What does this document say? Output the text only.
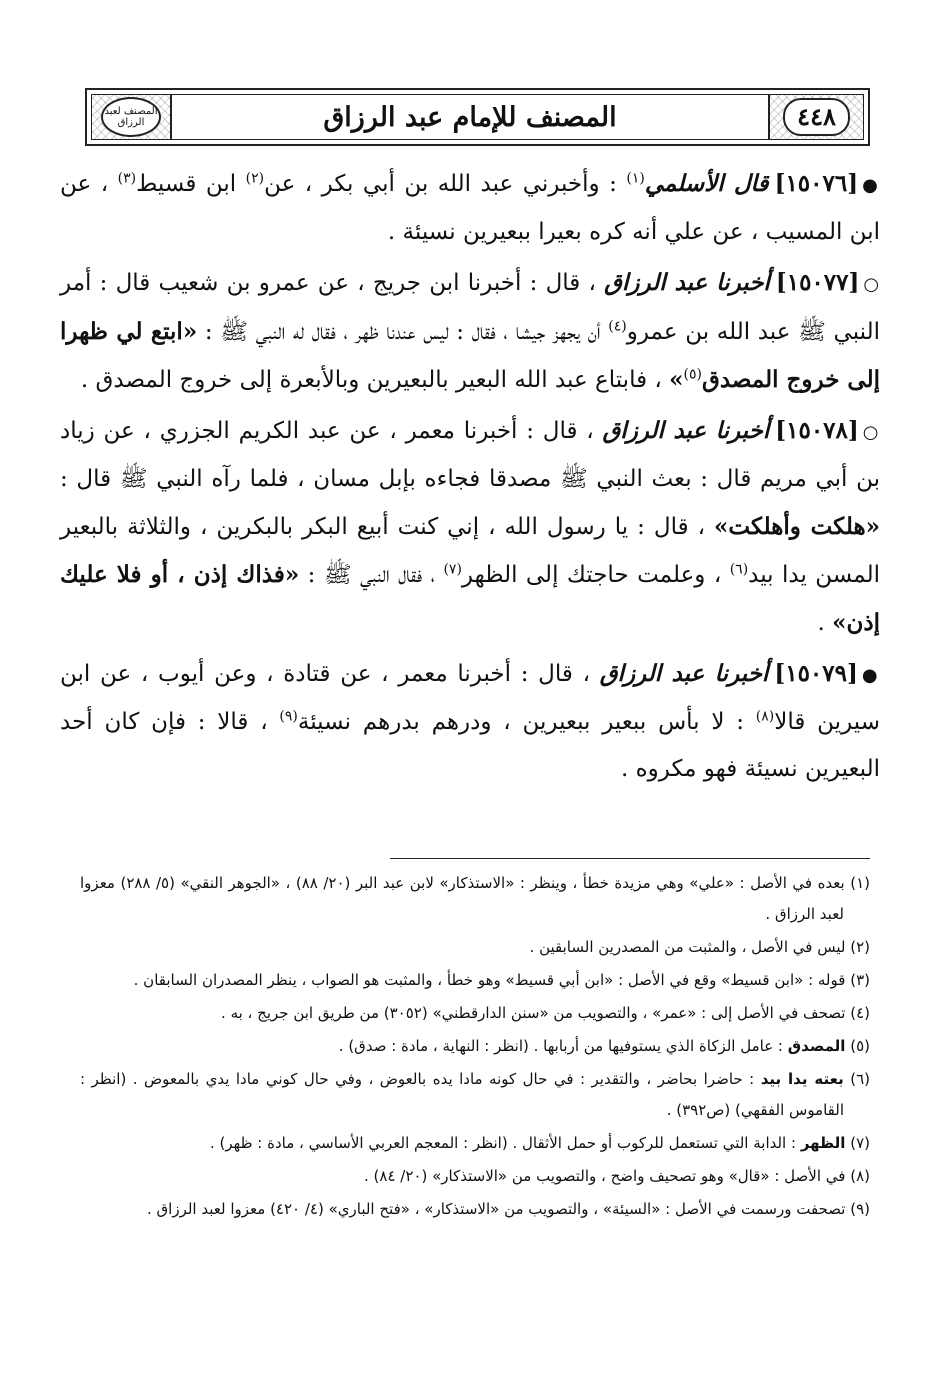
٤٤٨
المصنف للإمام عبد الرزاق
المصنف لعبد الرزاق

●[١٥٠٧٦]قال الأسلمي$^{(١)}$ : وأخبرني عبد الله بن أبي بكر ، عن$^{(٢)}$ ابن قسيط$^{(٣)}$ ، عن ابن المسيب ، عن علي أنه كره بعيرا ببعيرين نسيئة .

○[١٥٠٧٧]أخبرنا عبد الرزاق ، قال : أخبرنا ابن جريج ، عن عمرو بن شعيب قال : أمر النبي ﷺ عبد الله بن عمرو$^{(٤)}$ أن يجهز جيشا ، فقال : ليس عندنا ظهر ، فقال له النبي ﷺ : «ابتع لي ظهرا إلى خروج المصدق$^{(٥)}$» ، فابتاع عبد الله البعير بالبعيرين وبالأبعرة إلى خروج المصدق .

○[١٥٠٧٨]أخبرنا عبد الرزاق ، قال : أخبرنا معمر ، عن عبد الكريم الجزري ، عن زياد بن أبي مريم قال : بعث النبي ﷺ مصدقا فجاءه بإبل مسان ، فلما رآه النبي ﷺ قال : «هلكت وأهلكت» ، قال : يا رسول الله ، إني كنت أبيع البكر بالبكرين ، والثلاثة بالبعير المسن يدا بيد$^{(٦)}$ ، وعلمت حاجتك إلى الظهر$^{(٧)}$ ، فقال النبي ﷺ : «فذاك إذن ، أو فلا عليك إذن» .

●[١٥٠٧٩]أخبرنا عبد الرزاق ، قال : أخبرنا معمر ، عن قتادة ، وعن أيوب ، عن ابن سيرين قالا$^{(٨)}$ : لا بأس ببعير ببعيرين ، ودرهم بدرهم نسيئة$^{(٩)}$ ، قالا : فإن كان أحد البعيرين نسيئة فهو مكروه .

(١) بعده في الأصل : «علي» وهي مزيدة خطأ ، وينظر : «الاستذكار» لابن عبد البر (٢٠/ ٨٨) ، «الجوهر النقي» (٥/ ٢٨٨) معزوا لعبد الرزاق .

(٢) ليس في الأصل ، والمثبت من المصدرين السابقين .

(٣) قوله : «ابن قسيط» وقع في الأصل : «ابن أبي قسيط» وهو خطأ ، والمثبت هو الصواب ، ينظر المصدران السابقان .

(٤) تصحف في الأصل إلى : «عمر» ، والتصويب من «سنن الدارقطني» (٣٠٥٢) من طريق ابن جريج ، به .

(٥) المصدق : عامل الزكاة الذي يستوفيها من أربابها . (انظر : النهاية ، مادة : صدق) .

(٦) بعته يدا بيد : حاضرا بحاضر ، والتقدير : في حال كونه مادا يده بالعوض ، وفي حال كوني مادا يدي بالمعوض . (انظر : القاموس الفقهي) (ص٣٩٢) .

(٧) الظهر : الدابة التي تستعمل للركوب أو حمل الأثقال . (انظر : المعجم العربي الأساسي ، مادة : ظهر) .

(٨) في الأصل : «قال» وهو تصحيف واضح ، والتصويب من «الاستذكار» (٢٠/ ٨٤) .

(٩) تصحفت ورسمت في الأصل : «السيئة» ، والتصويب من «الاستذكار» ، «فتح الباري» (٤/ ٤٢٠) معزوا لعبد الرزاق .
